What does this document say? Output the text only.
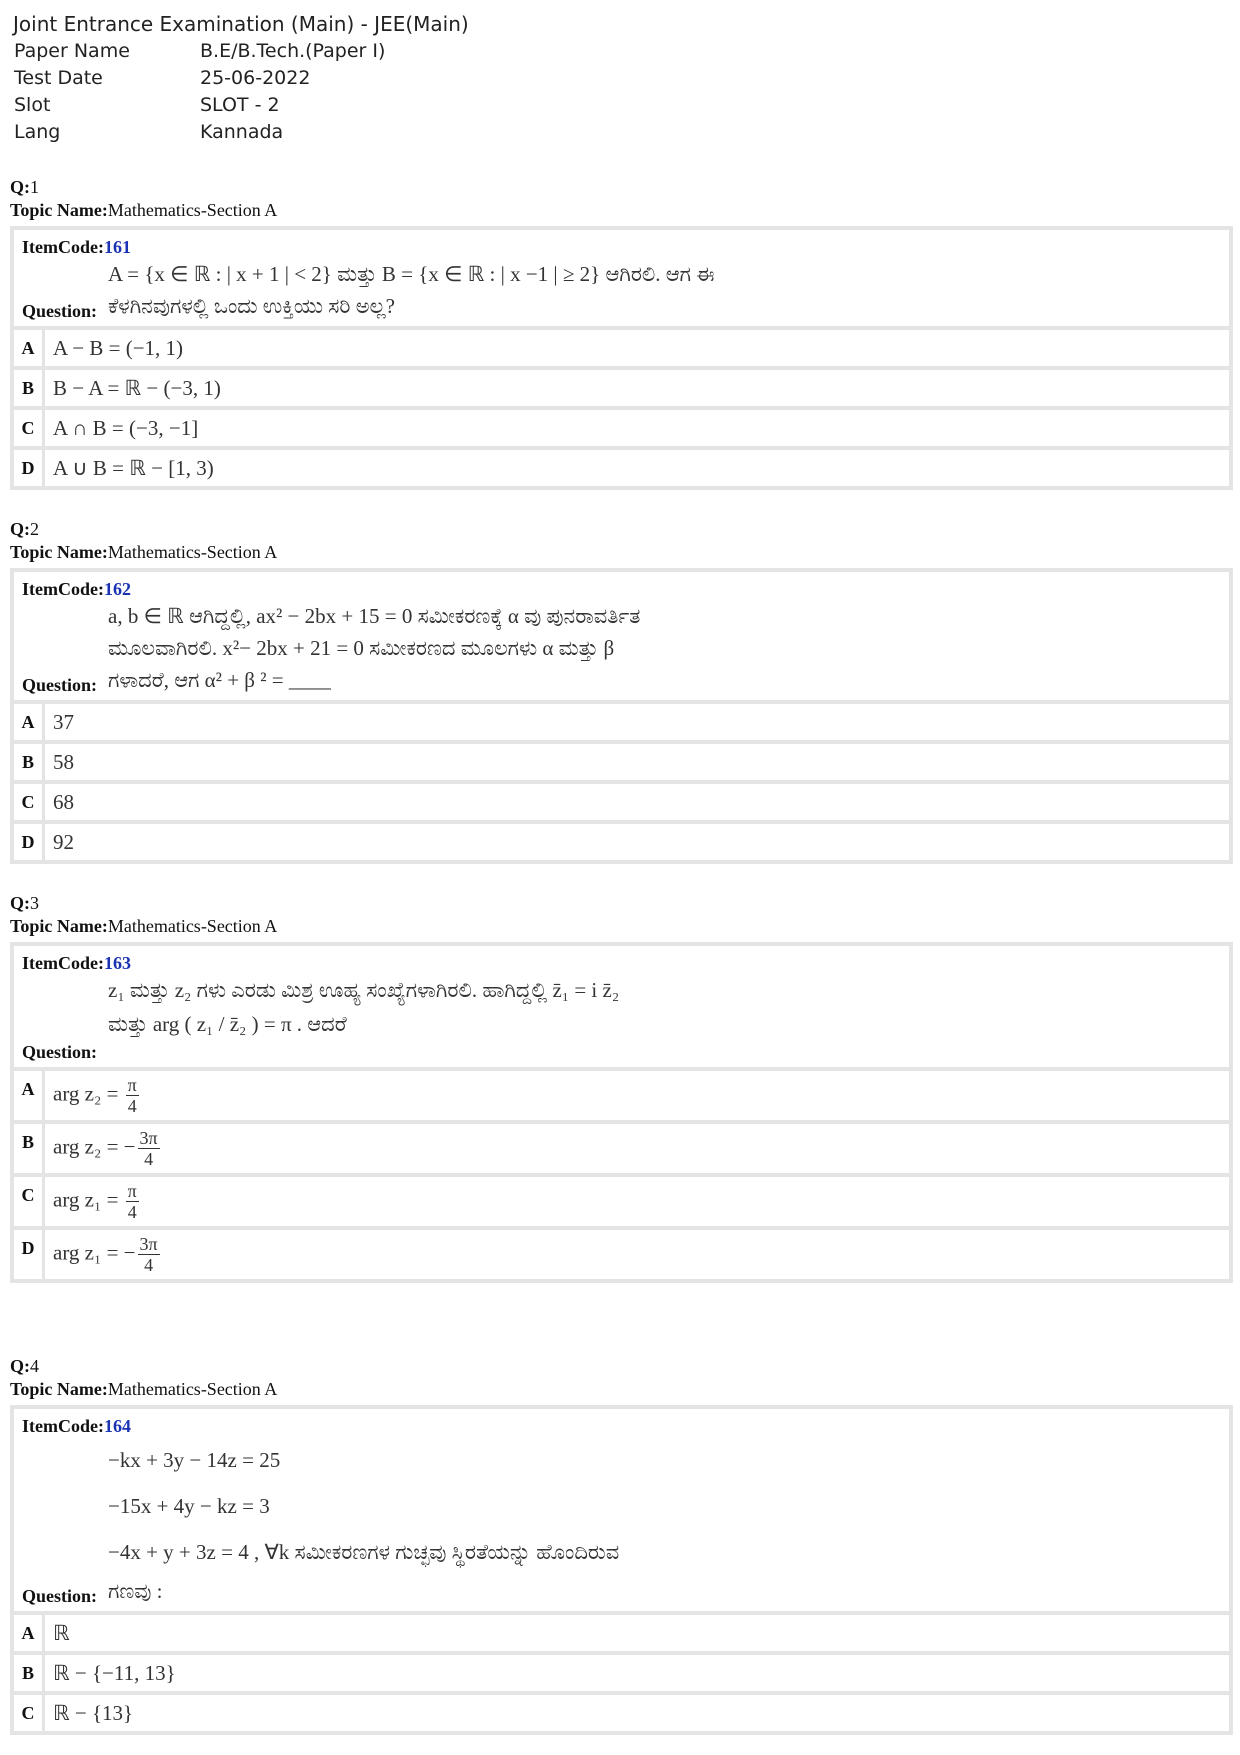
Joint Entrance Examination (Main) - JEE(Main)
Paper Name	B.E/B.Tech.(Paper I)
Test Date	25-06-2022
Slot	SLOT - 2
Lang	Kannada
Q:1
Topic Name:Mathematics-Section A
ItemCode:161
A = {x ∈ ℝ : | x + 1 | < 2} ಮತ್ತು B = {x ∈ ℝ : | x −1 | ≥ 2} ಆಗಿರಲಿ. ಆಗ ಈ
Question: ಕೆಳಗಿನವುಗಳಲ್ಲಿ ಒಂದು ಉಕ್ತಿಯು ಸರಿ ಅಲ್ಲ?
A A − B = (−1, 1)
B B − A = ℝ − (−3, 1)
C A ∩ B = (−3, −1]
D A ∪ B = ℝ − [1, 3)
Q:2
Topic Name:Mathematics-Section A
ItemCode:162
a, b ∈ ℝ ಆಗಿದ್ದಲ್ಲಿ, ax² − 2bx + 15 = 0 ಸಮೀಕರಣಕ್ಕೆ α ವು ಪುನರಾವರ್ತಿತ
ಮೂಲವಾಗಿರಲಿ. x²− 2bx + 21 = 0 ಸಮೀಕರಣದ ಮೂಲಗಳು α ಮತ್ತು β
Question: ಗಳಾದರೆ, ಆಗ α² + β ² = ____
A 37
B 58
C 68
D 92
Q:3
Topic Name:Mathematics-Section A
ItemCode:163
z₁ ಮತ್ತು z₂ ಗಳು ಎರಡು ಮಿಶ್ರ ಊಹ್ಯ ಸಂಖ್ಯೆಗಳಾಗಿರಲಿ. ಹಾಗಿದ್ದಲ್ಲಿ z̄₁ = i z̄₂
ಮತ್ತು arg ( z₁ / z̄₂ ) = π . ಆದರೆ
Question:
A arg $z_2 = \frac{\pi}{4}$
B arg z₂ = − $\frac{3\pi}{4}$
C arg $z_1 = \frac{\pi}{4}$
D arg z₁ = − $\frac{3\pi}{4}$
Q:4
Topic Name:Mathematics-Section A
ItemCode:164
−kx + 3y − 14z = 25
−15x + 4y − kz = 3
−4x + y + 3z = 4 , ∀k ಸಮೀಕರಣಗಳ ಗುಚ್ಛವು ಸ್ಥಿರತೆಯನ್ನು ಹೊಂದಿರುವ
Question: ಗಣವು :
A ℝ
B ℝ − {−11, 13}
C ℝ − {13}
